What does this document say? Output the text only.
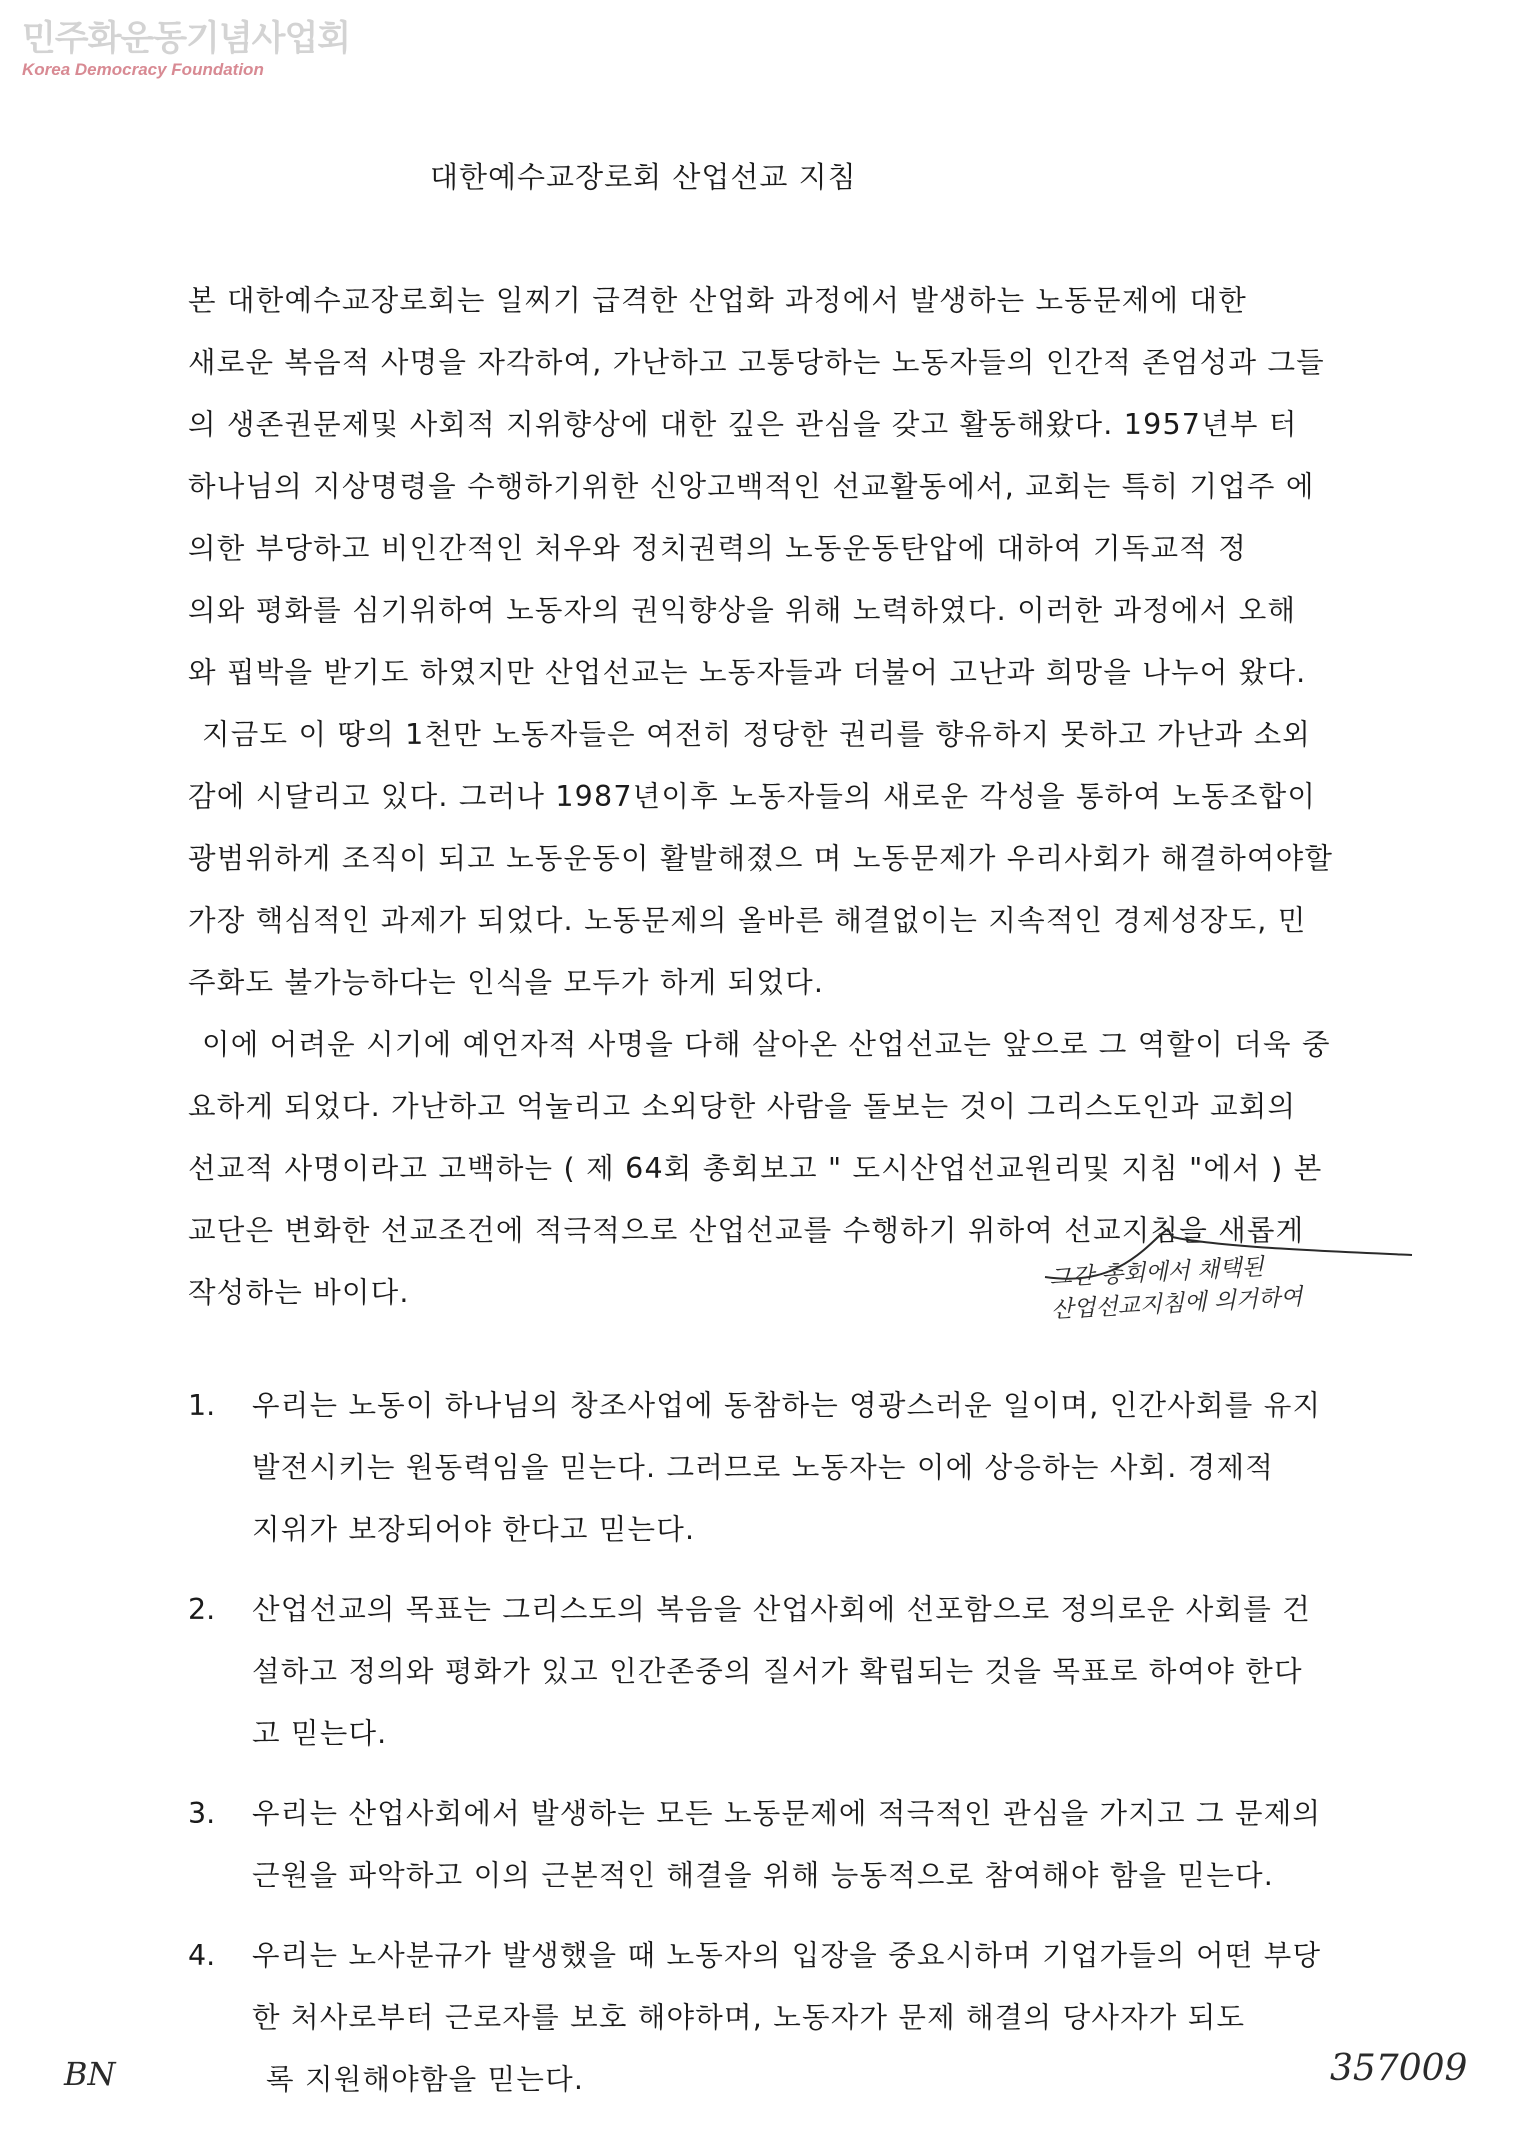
민주화운동기념사업회
Korea Democracy Foundation
대한예수교장로회 산업선교 지침
본 대한예수교장로회는 일찌기 급격한 산업화 과정에서 발생하는 노동문제에 대한
새로운 복음적 사명을 자각하여, 가난하고 고통당하는 노동자들의 인간적 존엄성과 그들
의 생존권문제및 사회적 지위향상에 대한 깊은 관심을 갖고 활동해왔다. 1957년부 터
하나님의 지상명령을 수행하기위한 신앙고백적인 선교활동에서, 교회는 특히 기업주 에
의한 부당하고 비인간적인 처우와 정치권력의 노동운동탄압에 대하여 기독교적 정
의와 평화를 심기위하여 노동자의 권익향상을 위해 노력하였다. 이러한 과정에서 오해
와 핍박을 받기도 하였지만 산업선교는 노동자들과 더불어 고난과 희망을 나누어 왔다.
지금도 이 땅의 1천만 노동자들은 여전히 정당한 권리를 향유하지 못하고 가난과 소외
감에 시달리고 있다. 그러나 1987년이후 노동자들의 새로운 각성을 통하여 노동조합이
광범위하게 조직이 되고 노동운동이 활발해졌으 며 노동문제가 우리사회가 해결하여야할
가장 핵심적인 과제가 되었다. 노동문제의 올바른 해결없이는 지속적인 경제성장도, 민
주화도 불가능하다는 인식을 모두가 하게 되었다.
이에 어려운 시기에 예언자적 사명을 다해 살아온 산업선교는 앞으로 그 역할이 더욱 중
요하게 되었다. 가난하고 억눌리고 소외당한 사람을 돌보는 것이 그리스도인과 교회의
선교적 사명이라고 고백하는 ( 제 64회 총회보고 " 도시산업선교원리및 지침 "에서 ) 본
교단은 변화한 선교조건에 적극적으로 산업선교를 수행하기 위하여 선교지침을 새롭게
작성하는 바이다.
그간 총회에서 채택된
산업선교지침에 의거하여
1. 우리는 노동이 하나님의 창조사업에 동참하는 영광스러운 일이며, 인간사회를 유지
발전시키는 원동력임을 믿는다. 그러므로 노동자는 이에 상응하는 사회. 경제적
지위가 보장되어야 한다고 믿는다.
2. 산업선교의 목표는 그리스도의 복음을 산업사회에 선포함으로 정의로운 사회를 건
설하고 정의와 평화가 있고 인간존중의 질서가 확립되는 것을 목표로 하여야 한다
고 믿는다.
3. 우리는 산업사회에서 발생하는 모든 노동문제에 적극적인 관심을 가지고 그 문제의
근원을 파악하고 이의 근본적인 해결을 위해 능동적으로 참여해야 함을 믿는다.
4. 우리는 노사분규가 발생했을 때 노동자의 입장을 중요시하며 기업가들의 어떤 부당
한 처사로부터 근로자를 보호 해야하며, 노동자가 문제 해결의 당사자가 되도
록 지원해야함을 믿는다.
BN	357009
